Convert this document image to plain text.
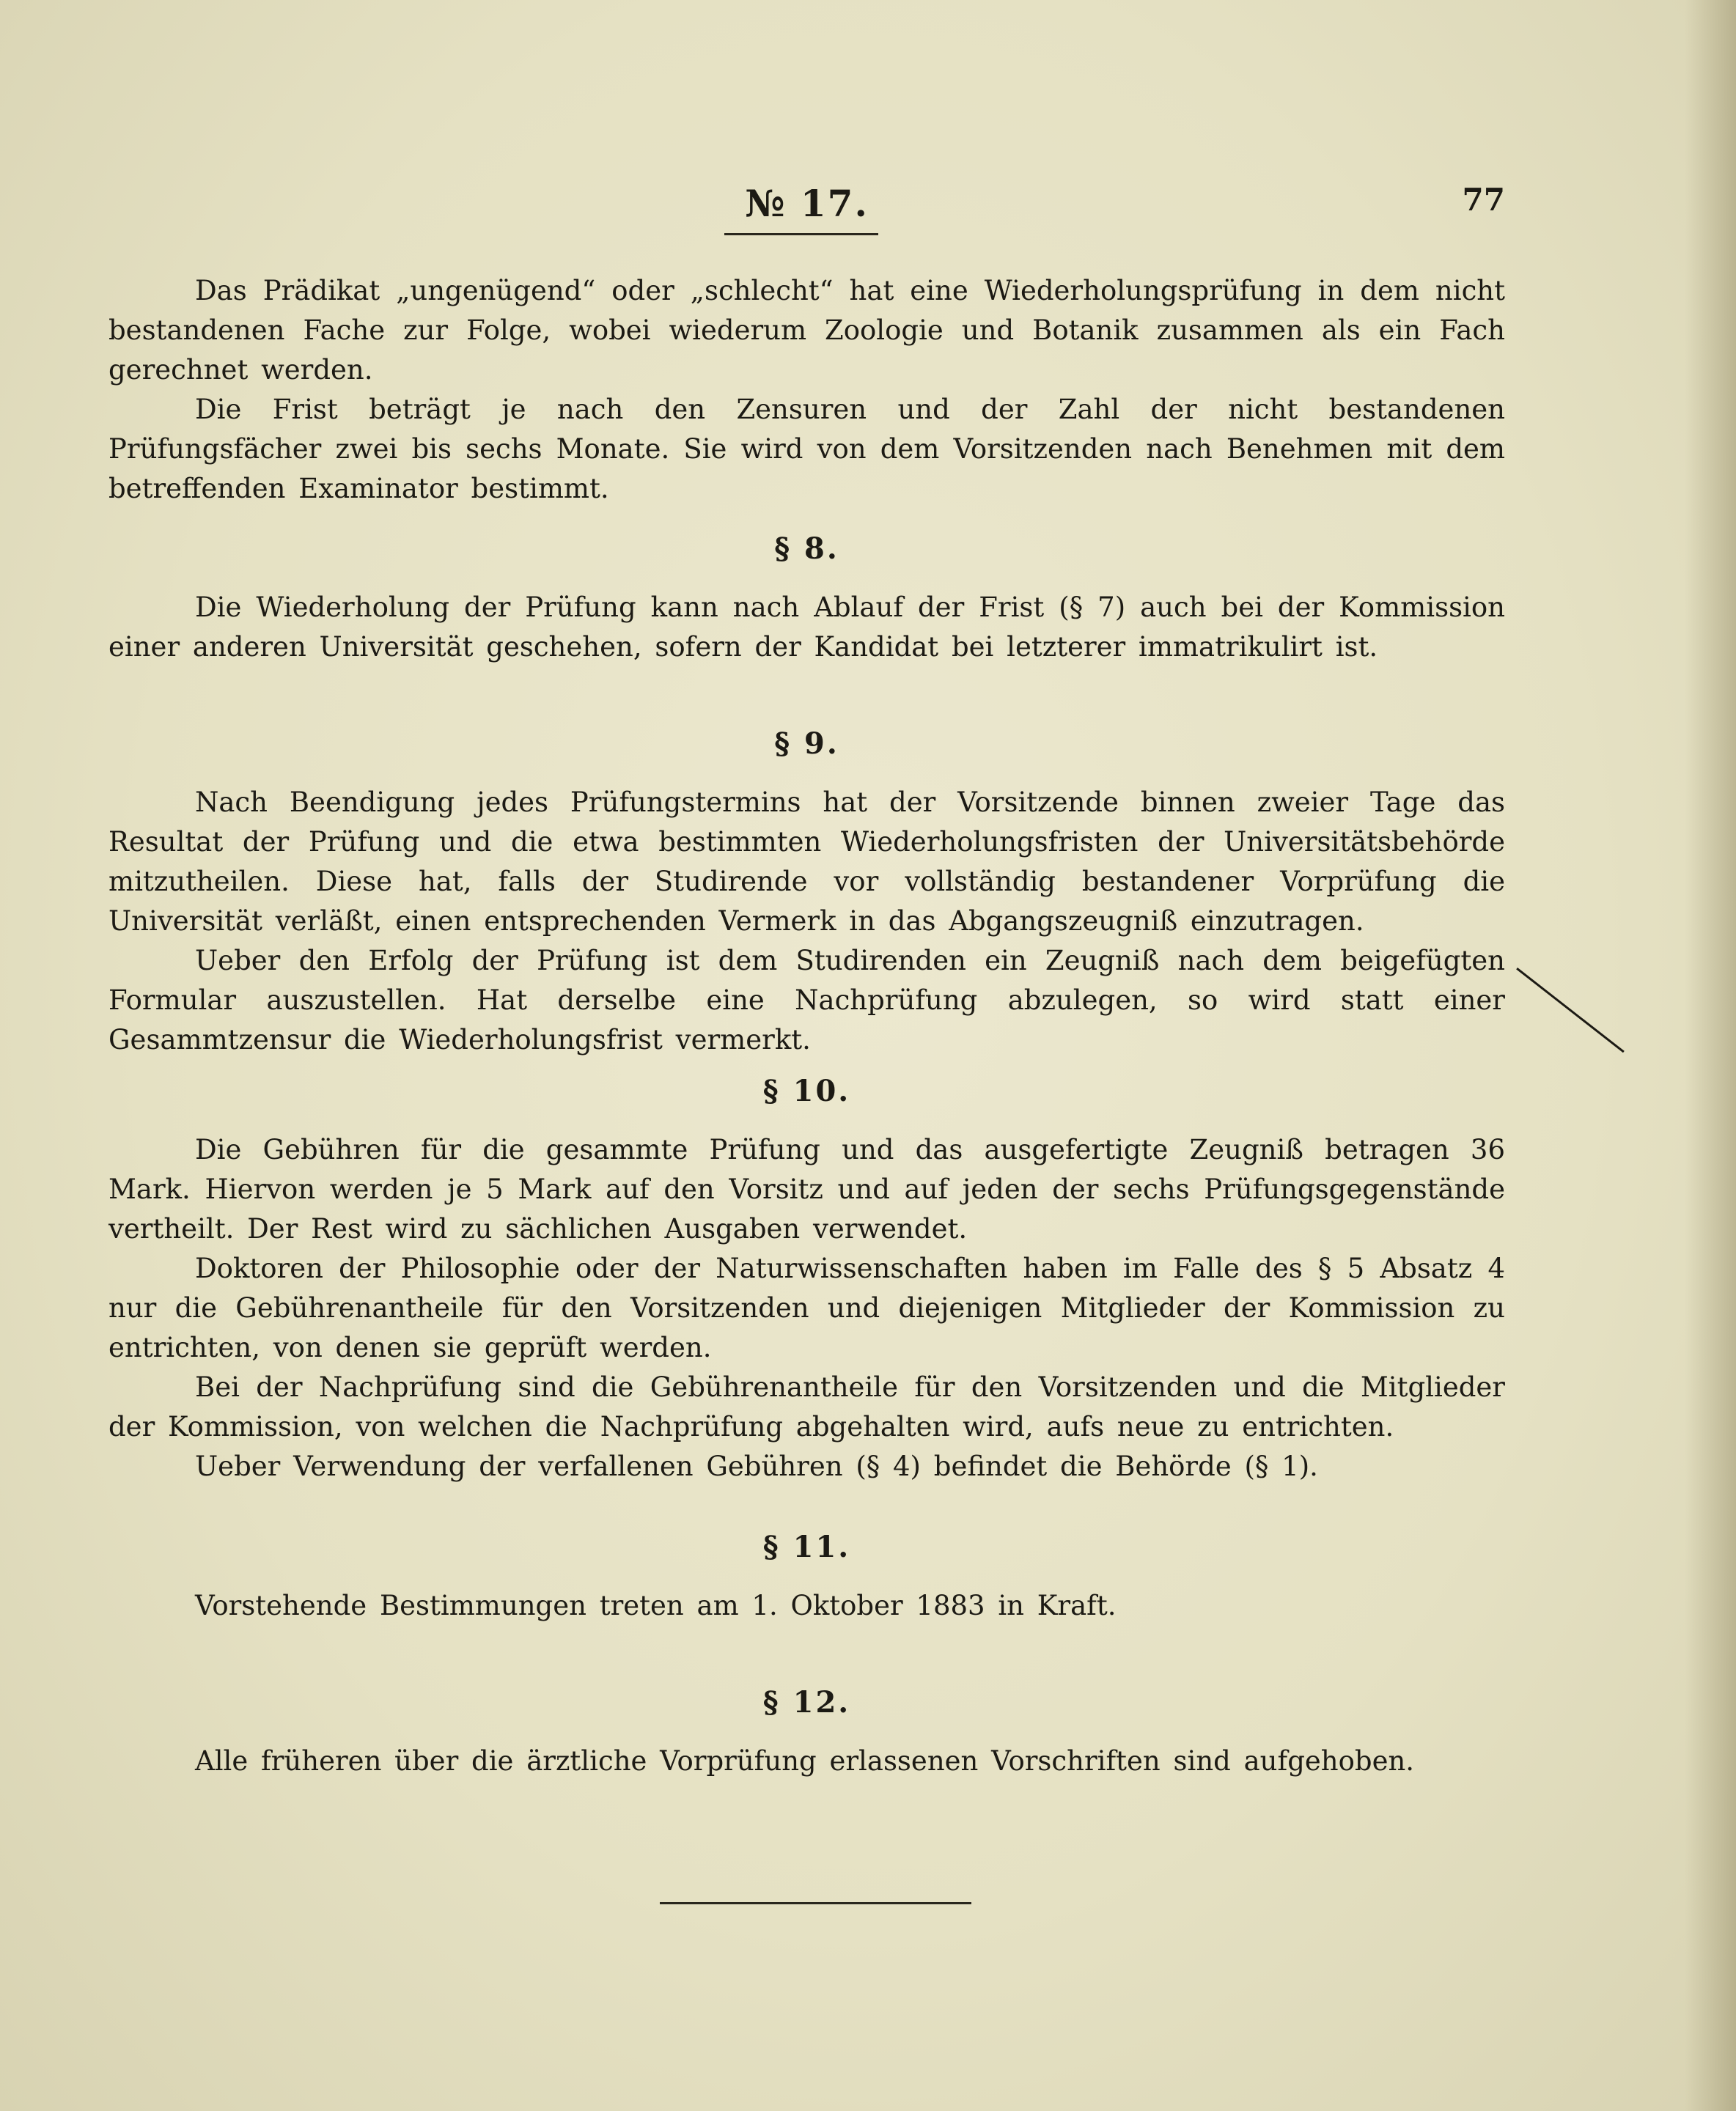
№ 17.	77

Das Prädikat „ungenügend“ oder „schlecht“ hat eine Wiederholungsprüfung in dem nicht bestandenen Fache zur Folge, wobei wiederum Zoologie und Botanik zusammen als ein Fach gerechnet werden.

Die Frist beträgt je nach den Zensuren und der Zahl der nicht bestandenen Prüfungsfächer zwei bis sechs Monate. Sie wird von dem Vorsitzenden nach Benehmen mit dem betreffenden Examinator bestimmt.

§ 8.

Die Wiederholung der Prüfung kann nach Ablauf der Frist (§ 7) auch bei der Kommission einer anderen Universität geschehen, sofern der Kandidat bei letzterer immatrikulirt ist.

§ 9.

Nach Beendigung jedes Prüfungstermins hat der Vorsitzende binnen zweier Tage das Resultat der Prüfung und die etwa bestimmten Wiederholungsfristen der Universitätsbehörde mitzutheilen. Diese hat, falls der Studirende vor vollständig bestandener Vorprüfung die Universität verläßt, einen entsprechenden Vermerk in das Abgangszeugniß einzutragen.

Ueber den Erfolg der Prüfung ist dem Studirenden ein Zeugniß nach dem beigefügten Formular auszustellen. Hat derselbe eine Nachprüfung abzulegen, so wird statt einer Gesammtzensur die Wiederholungsfrist vermerkt.

§ 10.

Die Gebühren für die gesammte Prüfung und das ausgefertigte Zeugniß betragen 36 Mark. Hiervon werden je 5 Mark auf den Vorsitz und auf jeden der sechs Prüfungsgegenstände vertheilt. Der Rest wird zu sächlichen Ausgaben verwendet.

Doktoren der Philosophie oder der Naturwissenschaften haben im Falle des § 5 Absatz 4 nur die Gebührenantheile für den Vorsitzenden und diejenigen Mitglieder der Kommission zu entrichten, von denen sie geprüft werden.

Bei der Nachprüfung sind die Gebührenantheile für den Vorsitzenden und die Mitglieder der Kommission, von welchen die Nachprüfung abgehalten wird, aufs neue zu entrichten.

Ueber Verwendung der verfallenen Gebühren (§ 4) befindet die Behörde (§ 1).

§ 11.

Vorstehende Bestimmungen treten am 1. Oktober 1883 in Kraft.

§ 12.

Alle früheren über die ärztliche Vorprüfung erlassenen Vorschriften sind aufgehoben.
